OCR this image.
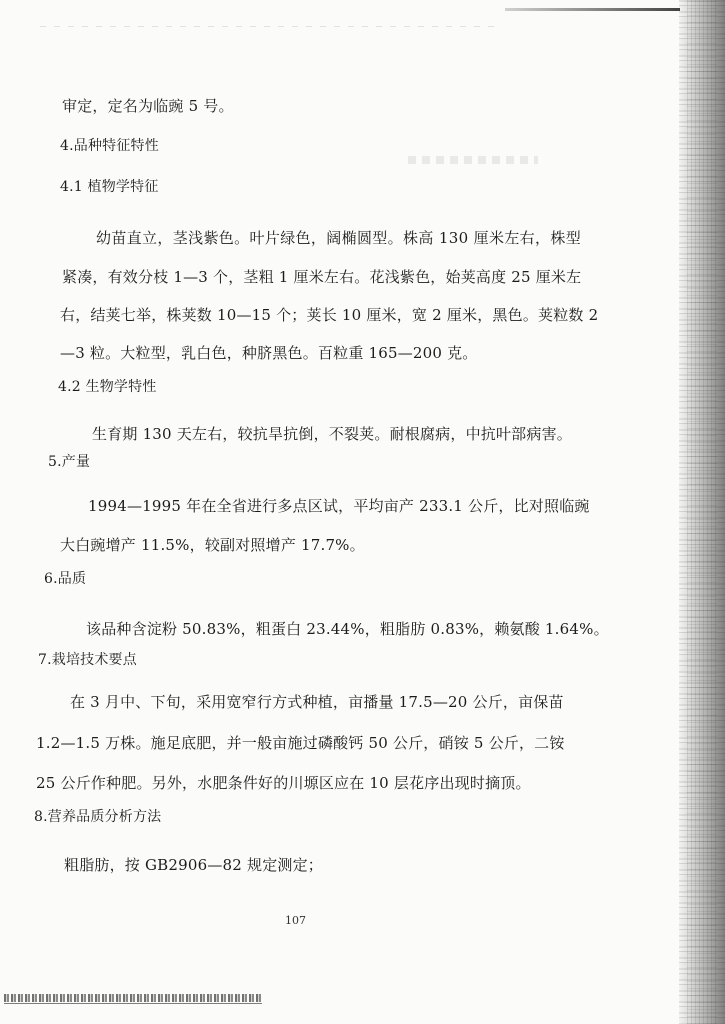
审定，定名为临豌 5 号。
4.品种特征特性
4.1 植物学特征
幼苗直立，茎浅紫色。叶片绿色，阔椭圆型。株高 130 厘米左右，株型
紧凑，有效分枝 1—3 个，茎粗 1 厘米左右。花浅紫色，始荚高度 25 厘米左
右，结荚七举，株荚数 10—15 个；荚长 10 厘米，宽 2 厘米，黑色。荚粒数 2
—3 粒。大粒型，乳白色，种脐黑色。百粒重 165—200 克。
4.2 生物学特性
生育期 130 天左右，较抗旱抗倒，不裂荚。耐根腐病，中抗叶部病害。
5.产量
1994—1995 年在全省进行多点区试，平均亩产 233.1 公斤，比对照临豌
大白豌增产 11.5%，较副对照增产 17.7%。
6.品质
该品种含淀粉 50.83%，粗蛋白 23.44%，粗脂肪 0.83%，赖氨酸 1.64%。
7.栽培技术要点
在 3 月中、下旬，采用宽窄行方式种植，亩播量 17.5—20 公斤，亩保苗
1.2—1.5 万株。施足底肥，并一般亩施过磷酸钙 50 公斤，硝铵 5 公斤，二铵
25 公斤作种肥。另外，水肥条件好的川塬区应在 10 层花序出现时摘顶。
8.营养品质分析方法
粗脂肪，按 GB2906—82 规定测定；
107
